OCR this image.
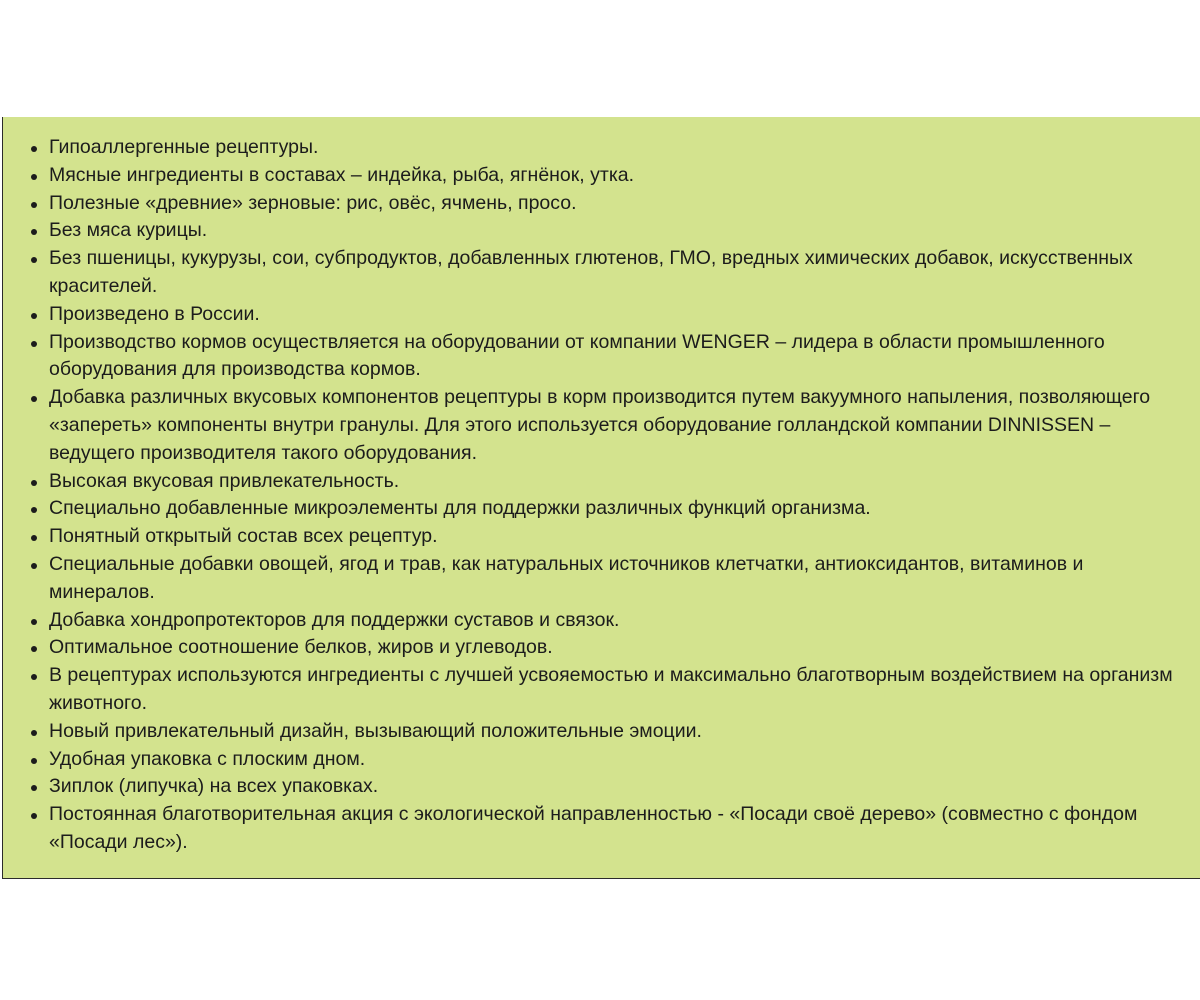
Гипоаллергенные рецептуры.
Мясные ингредиенты в составах – индейка, рыба, ягнёнок, утка.
Полезные «древние» зерновые: рис, овёс, ячмень, просо.
Без мяса курицы.
Без пшеницы, кукурузы, сои, субпродуктов, добавленных глютенов, ГМО, вредных химических добавок, искусственных красителей.
Произведено в России.
Производство кормов осуществляется на оборудовании от компании WENGER – лидера в области промышленного оборудования для производства кормов.
Добавка различных вкусовых компонентов рецептуры в корм производится путем вакуумного напыления, позволяющего «запереть» компоненты внутри гранулы. Для этого используется оборудование голландской компании DINNISSEN – ведущего производителя такого оборудования.
Высокая вкусовая привлекательность.
Специально добавленные микроэлементы для поддержки различных функций организма.
Понятный открытый состав всех рецептур.
Специальные добавки овощей, ягод и трав, как натуральных источников клетчатки, антиоксидантов, витаминов и минералов.
Добавка хондропротекторов для поддержки суставов и связок.
Оптимальное соотношение белков, жиров и углеводов.
В рецептурах используются ингредиенты с лучшей усвояемостью и максимально благотворным воздействием на организм животного.
Новый привлекательный дизайн, вызывающий положительные эмоции.
Удобная упаковка с плоским дном.
Зиплок (липучка) на всех упаковках.
Постоянная благотворительная акция с экологической направленностью - «Посади своё дерево» (совместно с фондом «Посади лес»).
